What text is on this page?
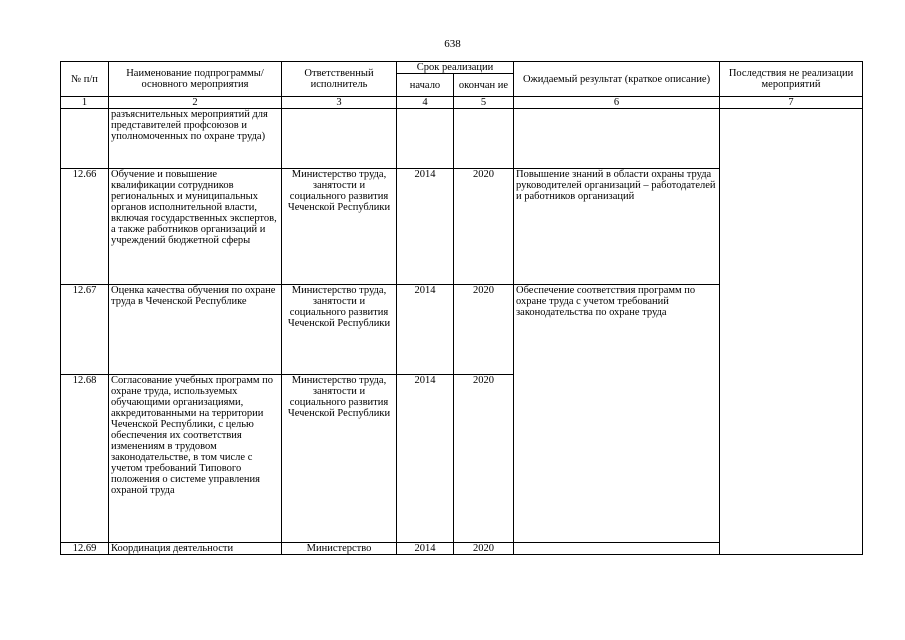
638
№ п/п	Наименование подпрограммы/ основного мероприятия	Ответственный исполнитель	Срок реализации		Ожидаемый результат (краткое описание)	Последствия не реализации мероприятий
			начало	окончан ие		
1	2	3	4	5	6	7
	разъяснительных мероприятий для представителей профсоюзов и уполномоченных по охране труда)					
12.66	Обучение и повышение квалификации сотрудников региональных и муниципальных органов исполнительной власти, включая государственных экспертов, а также работников организаций и учреждений бюджетной сферы	Министерство труда, занятости и социального развития Чеченской Республики	2014	2020	Повышение знаний в области охраны труда руководителей организаций – работодателей и работников организаций	
12.67	Оценка качества обучения по охране труда в Чеченской Республике	Министерство труда, занятости и социального развития Чеченской Республики	2014	2020	Обеспечение соответствия программ по охране труда с учетом требований законодательства по охране труда	
12.68	Согласование учебных программ по охране труда, используемых обучающими организациями, аккредитованными на территории Чеченской Республики, с целью обеспечения их соответствия изменениям в трудовом законодательстве, в том числе с учетом требований Типового положения о системе управления охраной труда	Министерство труда, занятости и социального развития Чеченской Республики	2014	2020		
12.69	Координация деятельности	Министерство	2014	2020		
